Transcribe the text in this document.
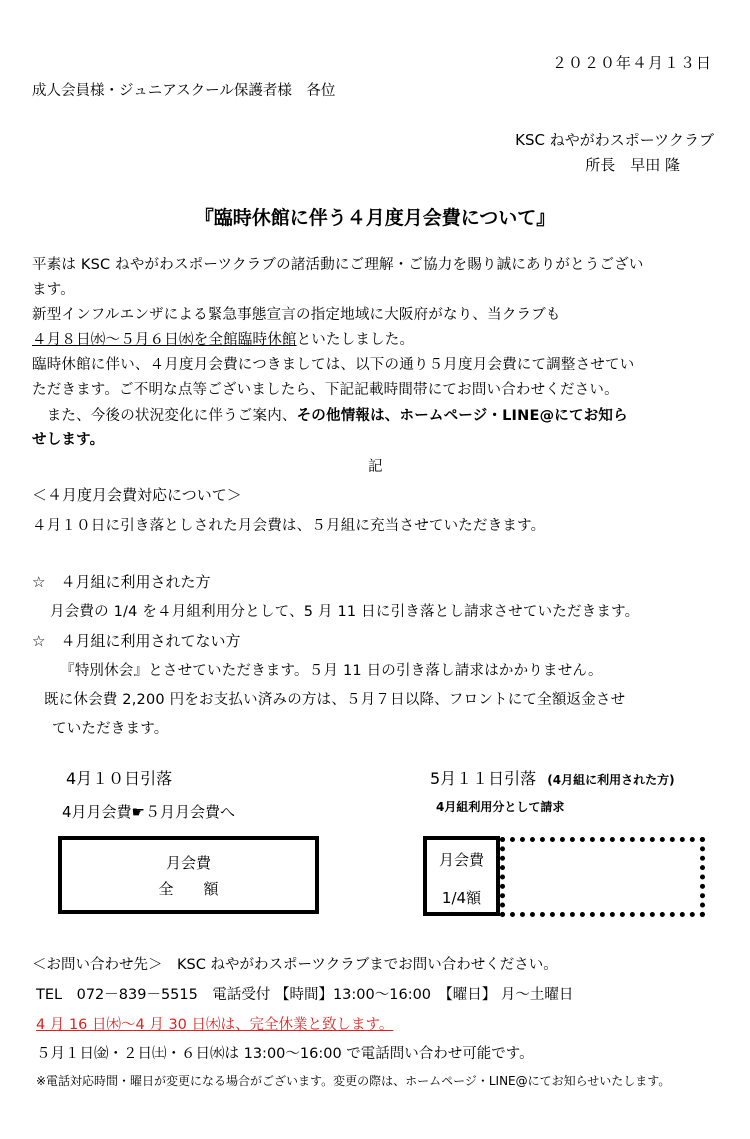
２０２０年４月１３日
成人会員様・ジュニアスクール保護者様　各位
KSC ねやがわスポーツクラブ
所長　早田 隆
『臨時休館に伴う４月度月会費について』
平素は KSC ねやがわスポーツクラブの諸活動にご理解・ご協力を賜り誠にありがとうござい
ます。
新型インフルエンザによる緊急事態宣言の指定地域に大阪府がなり、当クラブも
４月８日㈬～５月６日㈬を全館臨時休館といたしました。
臨時休館に伴い、４月度月会費につきましては、以下の通り５月度月会費にて調整させてい
ただきます。ご不明な点等ございましたら、下記記載時間帯にてお問い合わせください。
　また、今後の状況変化に伴うご案内、その他情報は、ホームページ・LINE@にてお知ら
せします。
記
＜４月度月会費対応について＞
４月１０日に引き落としされた月会費は、５月組に充当させていただきます。
☆　４月組に利用された方
月会費の 1/4 を４月組利用分として、5 月 11 日に引き落とし請求させていただきます。
☆　４月組に利用されてない方
『特別休会』とさせていただきます。５月 11 日の引き落し請求はかかりません。
既に休会費 2,200 円をお支払い済みの方は、５月７日以降、フロントにて全額返金させ
ていただきます。
4月１０日引落
4月月会費☛５月月会費へ
月会費
全　　額
5月１１日引落 (4月組に利用された方)
4月組利用分として請求
月会費
1/4額
＜お問い合わせ先＞　KSC ねやがわスポーツクラブまでお問い合わせください。
TEL　072－839－5515　電話受付 【時間】13:00～16:00　【曜日】 月～土曜日
4 月 16 日㈭～4 月 30 日㈭は、完全休業と致します。
５月１日㈮・２日㈯・６日㈬は 13:00～16:00 で電話問い合わせ可能です。
※電話対応時間・曜日が変更になる場合がございます。変更の際は、ホームページ・LINE@にてお知らせいたします。
